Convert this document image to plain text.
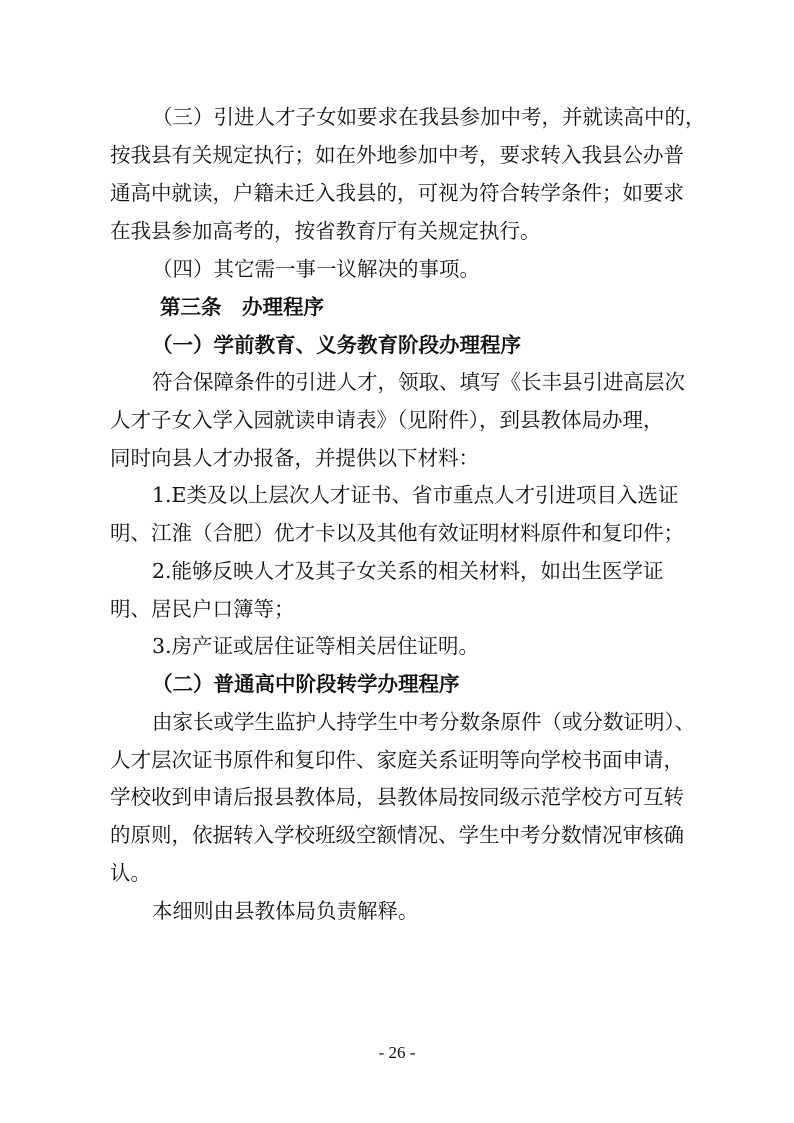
（三）引进人才子女如要求在我县参加中考，并就读高中的，
按我县有关规定执行；如在外地参加中考，要求转入我县公办普
通高中就读，户籍未迁入我县的，可视为符合转学条件；如要求
在我县参加高考的，按省教育厅有关规定执行。
（四）其它需一事一议解决的事项。
第三条　办理程序
（一）学前教育、义务教育阶段办理程序
符合保障条件的引进人才，领取、填写《长丰县引进高层次
人才子女入学入园就读申请表》（见附件），到县教体局办理，
同时向县人才办报备，并提供以下材料：
1.E类及以上层次人才证书、省市重点人才引进项目入选证
明、江淮（合肥）优才卡以及其他有效证明材料原件和复印件；
2.能够反映人才及其子女关系的相关材料，如出生医学证
明、居民户口簿等；
3.房产证或居住证等相关居住证明。
（二）普通高中阶段转学办理程序
由家长或学生监护人持学生中考分数条原件（或分数证明）、
人才层次证书原件和复印件、家庭关系证明等向学校书面申请，
学校收到申请后报县教体局，县教体局按同级示范学校方可互转
的原则，依据转入学校班级空额情况、学生中考分数情况审核确
认。
本细则由县教体局负责解释。
- 26 -
